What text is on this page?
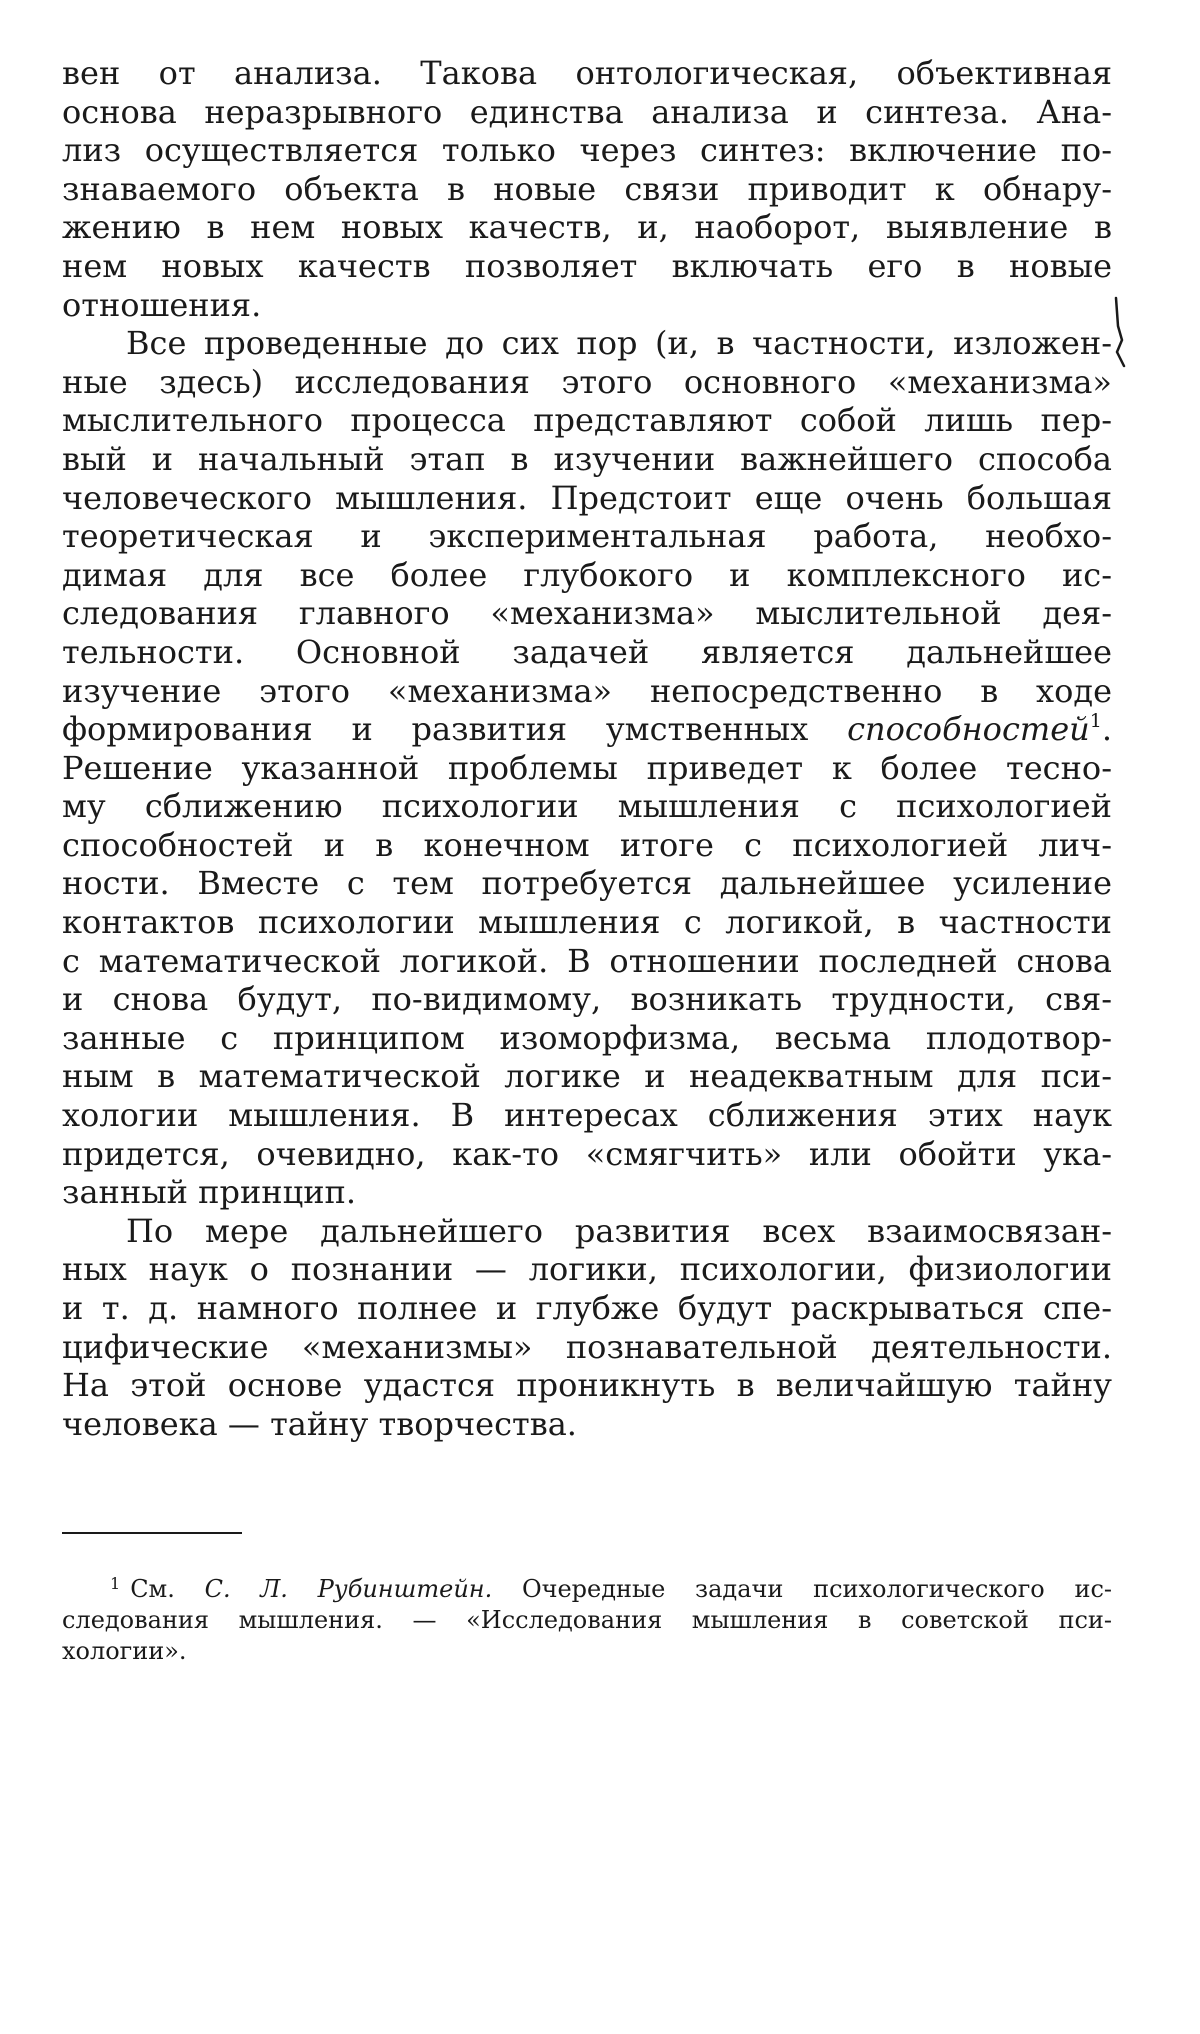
вен от анализа. Такова онтологическая, объективная
основа неразрывного единства анализа и синтеза. Ана-
лиз осуществляется только через синтез: включение по-
знаваемого объекта в новые связи приводит к обнару-
жению в нем новых качеств, и, наоборот, выявление в
нем новых качеств позволяет включать его в новые
отношения.
Все проведенные до сих пор (и, в частности, изложен-
ные здесь) исследования этого основного «механизма»
мыслительного процесса представляют собой лишь пер-
вый и начальный этап в изучении важнейшего способа
человеческого мышления. Предстоит еще очень большая
теоретическая и экспериментальная работа, необхо-
димая для все более глубокого и комплексного ис-
следования главного «механизма» мыслительной дея-
тельности. Основной задачей является дальнейшее
изучение этого «механизма» непосредственно в ходе
формирования и развития умственных способностей$^1$.
Решение указанной проблемы приведет к более тесно-
му сближению психологии мышления с психологией
способностей и в конечном итоге с психологией лич-
ности. Вместе с тем потребуется дальнейшее усиление
контактов психологии мышления с логикой, в частности
с математической логикой. В отношении последней снова
и снова будут, по-видимому, возникать трудности, свя-
занные с принципом изоморфизма, весьма плодотвор-
ным в математической логике и неадекватным для пси-
хологии мышления. В интересах сближения этих наук
придется, очевидно, как-то «смягчить» или обойти ука-
занный принцип.
По мере дальнейшего развития всех взаимосвязан-
ных наук о познании — логики, психологии, физиологии
и т. д. намного полнее и глубже будут раскрываться спе-
цифические «механизмы» познавательной деятельности.
На этой основе удастся проникнуть в величайшую тайну
человека — тайну творчества.
$^1$ См. С. Л. Рубинштейн. Очередные задачи психологического ис-
следования мышления. — «Исследования мышления в советской пси-
хологии».
